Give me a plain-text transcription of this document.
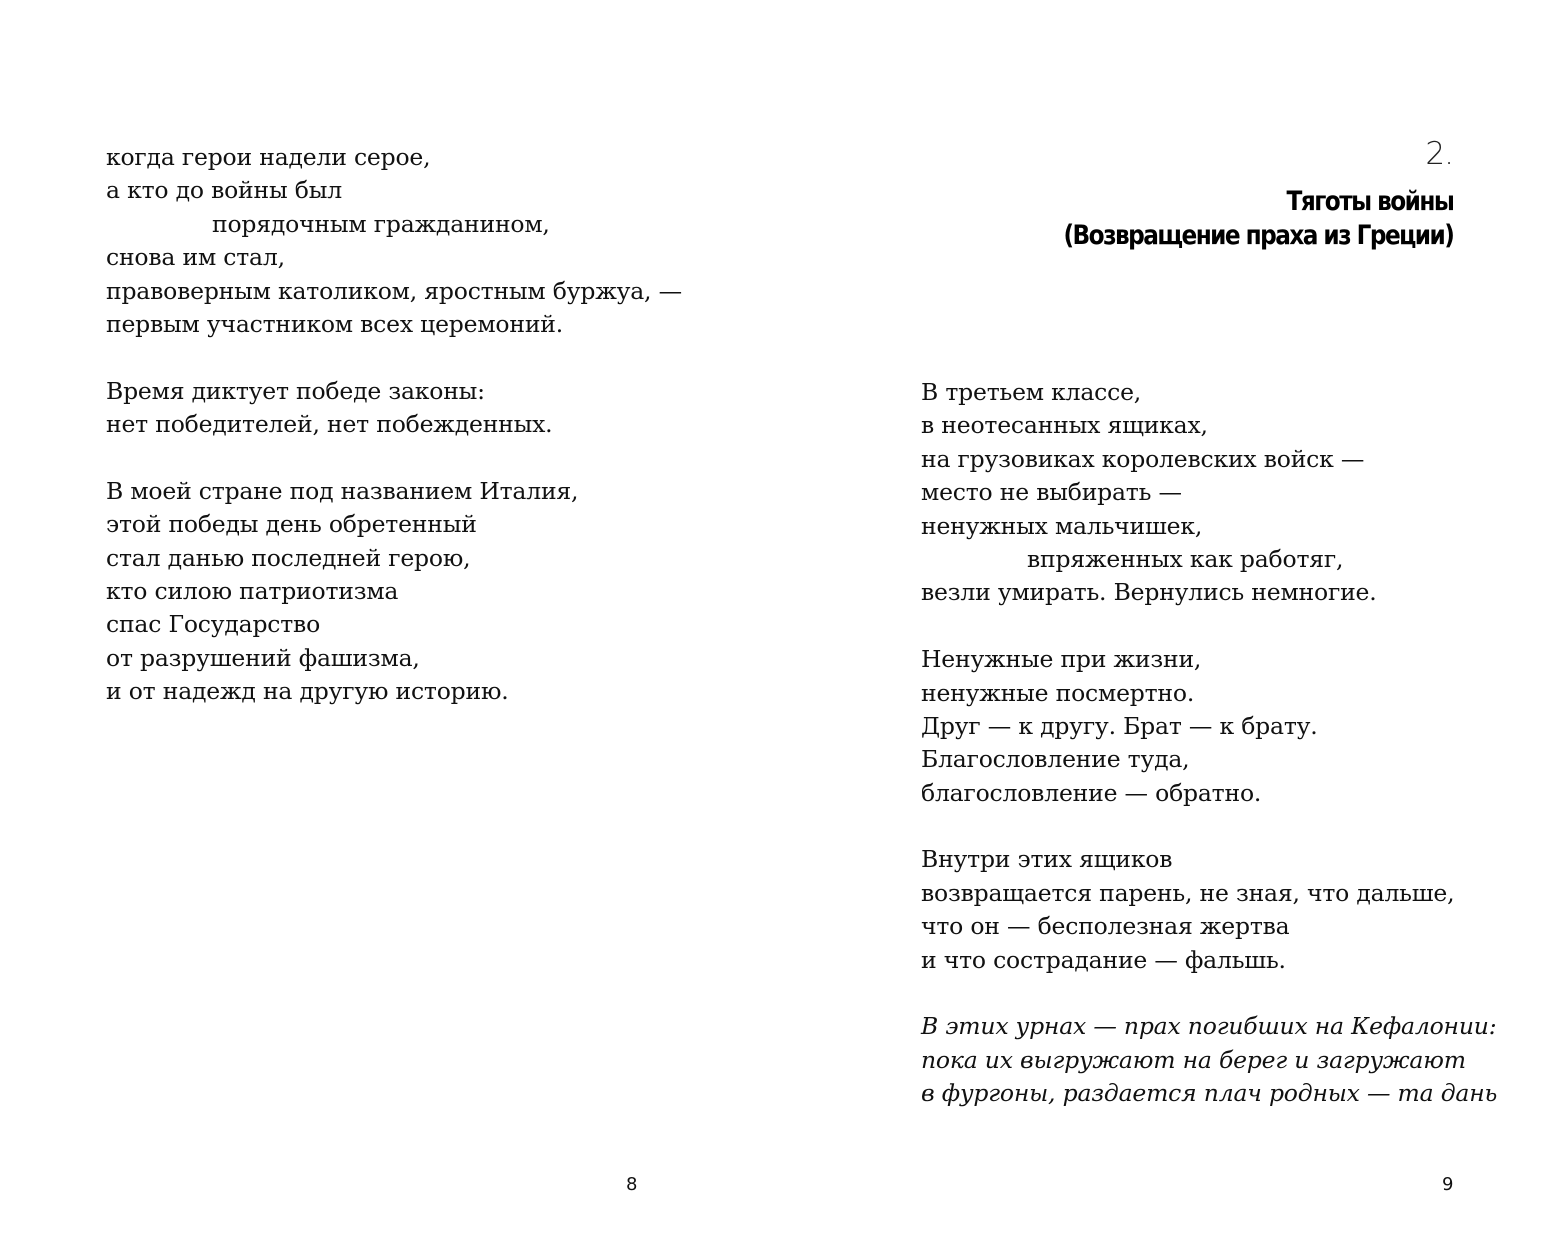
когда герои надели серое,
а кто до войны был
порядочным гражданином,
снова им стал,
правоверным католиком, яростным буржуа, —
первым участником всех церемоний.
Время диктует победе законы:
нет победителей, нет побежденных.
В моей стране под названием Италия,
этой победы день обретенный
стал данью последней герою,
кто силою патриотизма
спас Государство
от разрушений фашизма,
и от надежд на другую историю.
8
2.
Тяготы войны
(Возвращение праха из Греции)
В третьем классе,
в неотесанных ящиках,
на грузовиках королевских войск —
место не выбирать —
ненужных мальчишек,
впряженных как работяг,
везли умирать. Вернулись немногие.
Ненужные при жизни,
ненужные посмертно.
Друг — к другу. Брат — к брату.
Благословление туда,
благословление — обратно.
Внутри этих ящиков
возвращается парень, не зная, что дальше,
что он — бесполезная жертва
и что сострадание — фальшь.
В этих урнах — прах погибших на Кефалонии:
пока их выгружают на берег и загружают
в фургоны, раздается плач родных — та дань
9
